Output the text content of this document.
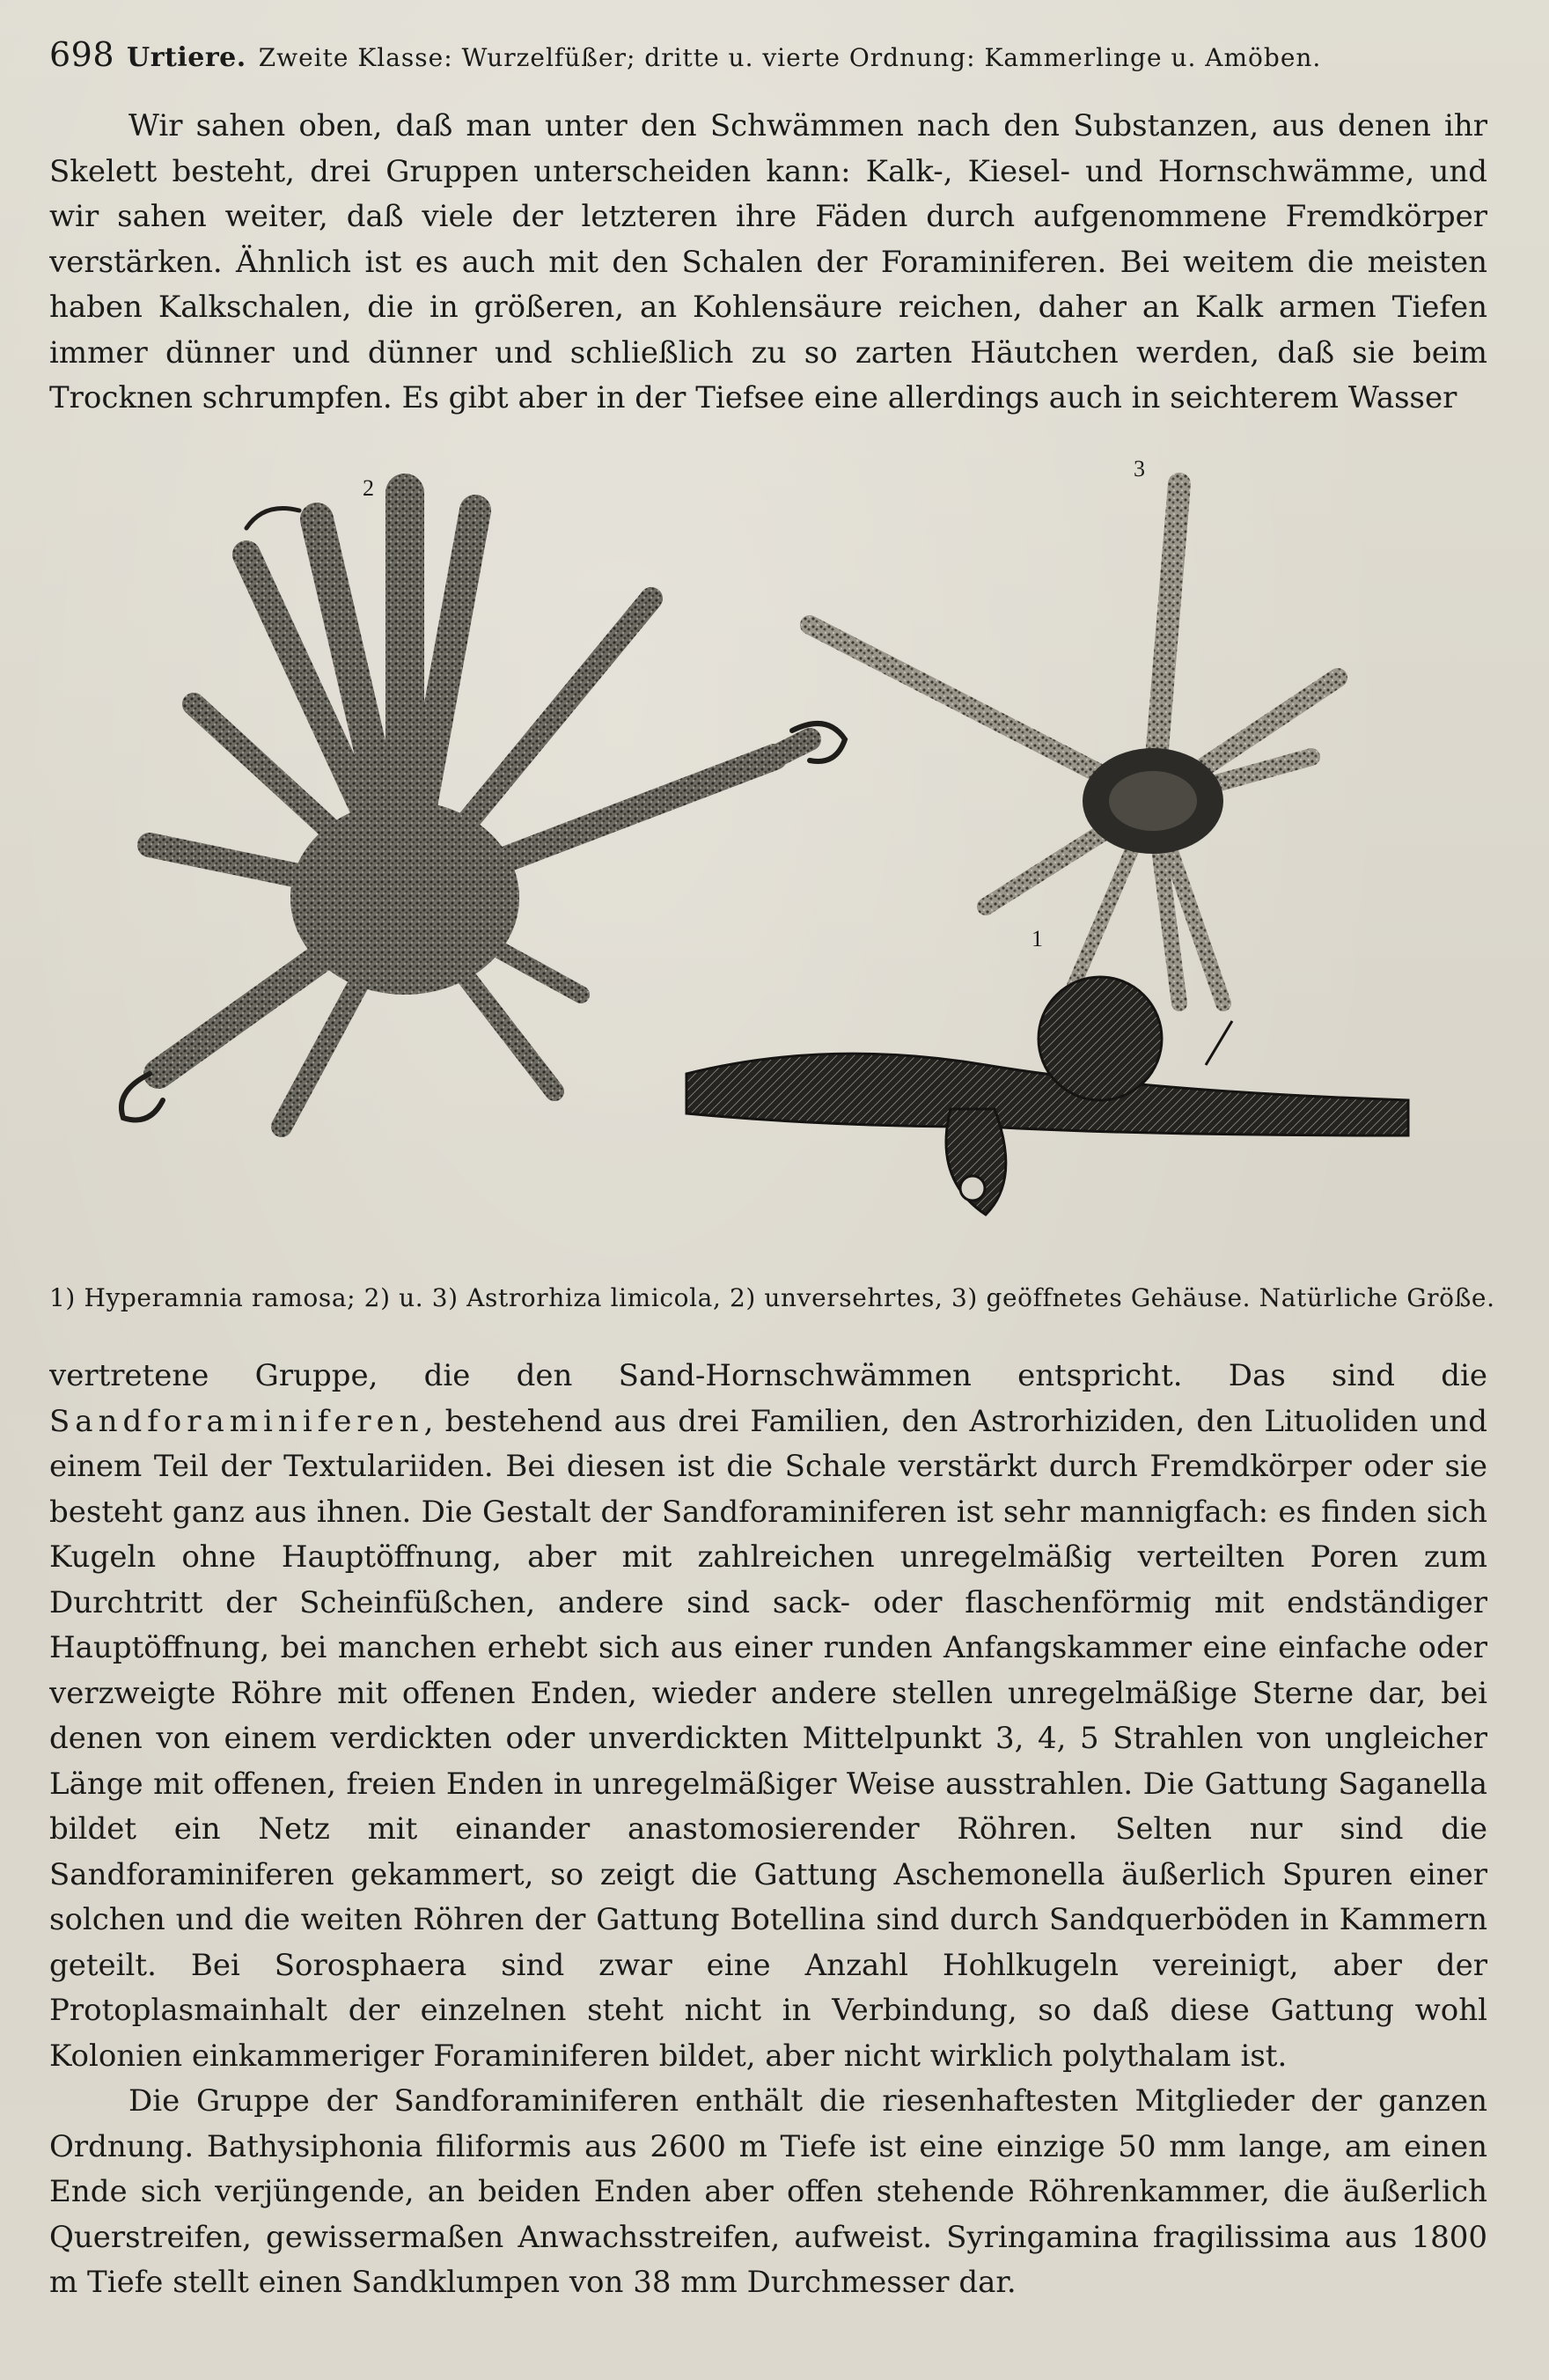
698 Urtiere. Zweite Klasse: Wurzelfüßer; dritte u. vierte Ordnung: Kammerlinge u. Amöben.

Wir sahen oben, daß man unter den Schwämmen nach den Substanzen, aus denen ihr Skelett besteht, drei Gruppen unterscheiden kann: Kalk-, Kiesel- und Hornschwämme, und wir sahen weiter, daß viele der letzteren ihre Fäden durch aufgenommene Fremdkörper verstärken. Ähnlich ist es auch mit den Schalen der Foraminiferen. Bei weitem die meisten haben Kalkschalen, die in größeren, an Kohlensäure reichen, daher an Kalk armen Tiefen immer dünner und dünner und schließlich zu so zarten Häutchen werden, daß sie beim Trocknen schrumpfen. Es gibt aber in der Tiefsee eine allerdings auch in seichterem Wasser

2
3
1
1) Hyperamnia ramosa; 2) u. 3) Astrorhiza limicola, 2) unversehrtes, 3) geöffnetes Gehäuse. Natürliche Größe.

vertretene Gruppe, die den Sand-Hornschwämmen entspricht. Das sind die Sandforaminiferen, bestehend aus drei Familien, den Astrorhiziden, den Lituoliden und einem Teil der Textulariiden. Bei diesen ist die Schale verstärkt durch Fremdkörper oder sie besteht ganz aus ihnen. Die Gestalt der Sandforaminiferen ist sehr mannigfach: es finden sich Kugeln ohne Hauptöffnung, aber mit zahlreichen unregelmäßig verteilten Poren zum Durchtritt der Scheinfüßchen, andere sind sack- oder flaschenförmig mit endständiger Hauptöffnung, bei manchen erhebt sich aus einer runden Anfangskammer eine einfache oder verzweigte Röhre mit offenen Enden, wieder andere stellen unregelmäßige Sterne dar, bei denen von einem verdickten oder unverdickten Mittelpunkt 3, 4, 5 Strahlen von ungleicher Länge mit offenen, freien Enden in unregelmäßiger Weise ausstrahlen. Die Gattung Saganella bildet ein Netz mit einander anastomosierender Röhren. Selten nur sind die Sandforaminiferen gekammert, so zeigt die Gattung Aschemonella äußerlich Spuren einer solchen und die weiten Röhren der Gattung Botellina sind durch Sandquerböden in Kammern geteilt. Bei Sorosphaera sind zwar eine Anzahl Hohlkugeln vereinigt, aber der Protoplasmainhalt der einzelnen steht nicht in Verbindung, so daß diese Gattung wohl Kolonien einkammeriger Foraminiferen bildet, aber nicht wirklich polythalam ist.

Die Gruppe der Sandforaminiferen enthält die riesenhaftesten Mitglieder der ganzen Ordnung. Bathysiphonia filiformis aus 2600 m Tiefe ist eine einzige 50 mm lange, am einen Ende sich verjüngende, an beiden Enden aber offen stehende Röhrenkammer, die äußerlich Querstreifen, gewissermaßen Anwachsstreifen, aufweist. Syringamina fragilissima aus 1800 m Tiefe stellt einen Sandklumpen von 38 mm Durchmesser dar.
